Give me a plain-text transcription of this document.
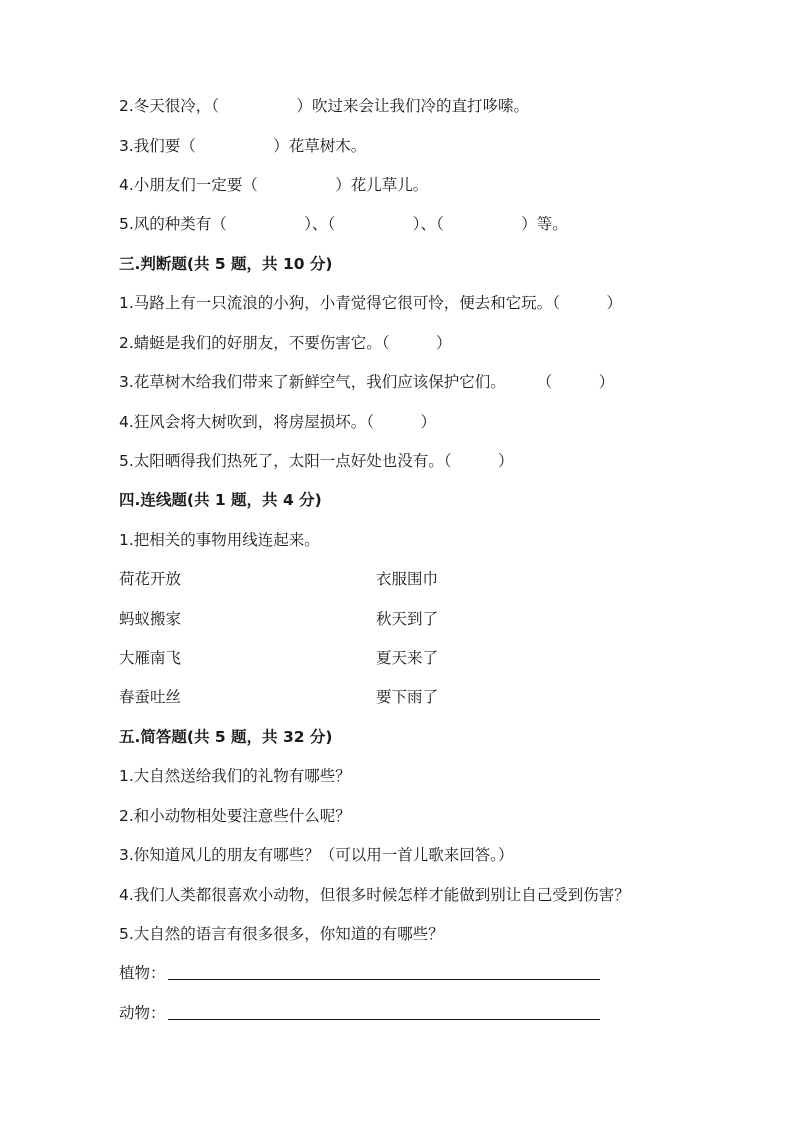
2.冬天很冷，（　　　　　）吹过来会让我们冷的直打哆嗦。
3.我们要（　　　　　）花草树木。
4.小朋友们一定要（　　　　　）花儿草儿。
5.风的种类有（　　　　　）、（　　　　　）、（　　　　　）等。
三.判断题(共 5 题，共 10 分)
1.马路上有一只流浪的小狗，小青觉得它很可怜，便去和它玩。（　　　）
2.蜻蜓是我们的好朋友，不要伤害它。（　　　）
3.花草树木给我们带来了新鲜空气，我们应该保护它们。　　　（　　　）
4.狂风会将大树吹到，将房屋损坏。（　　　）
5.太阳晒得我们热死了，太阳一点好处也没有。（　　　）
四.连线题(共 1 题，共 4 分)
1.把相关的事物用线连起来。
荷花开放	衣服围巾
蚂蚁搬家	秋天到了
大雁南飞	夏天来了
春蚕吐丝	要下雨了
五.简答题(共 5 题，共 32 分)
1.大自然送给我们的礼物有哪些？
2.和小动物相处要注意些什么呢？
3.你知道风儿的朋友有哪些？（可以用一首儿歌来回答。）
4.我们人类都很喜欢小动物，但很多时候怎样才能做到别让自己受到伤害？
5.大自然的语言有很多很多，你知道的有哪些？
植物：
动物：
